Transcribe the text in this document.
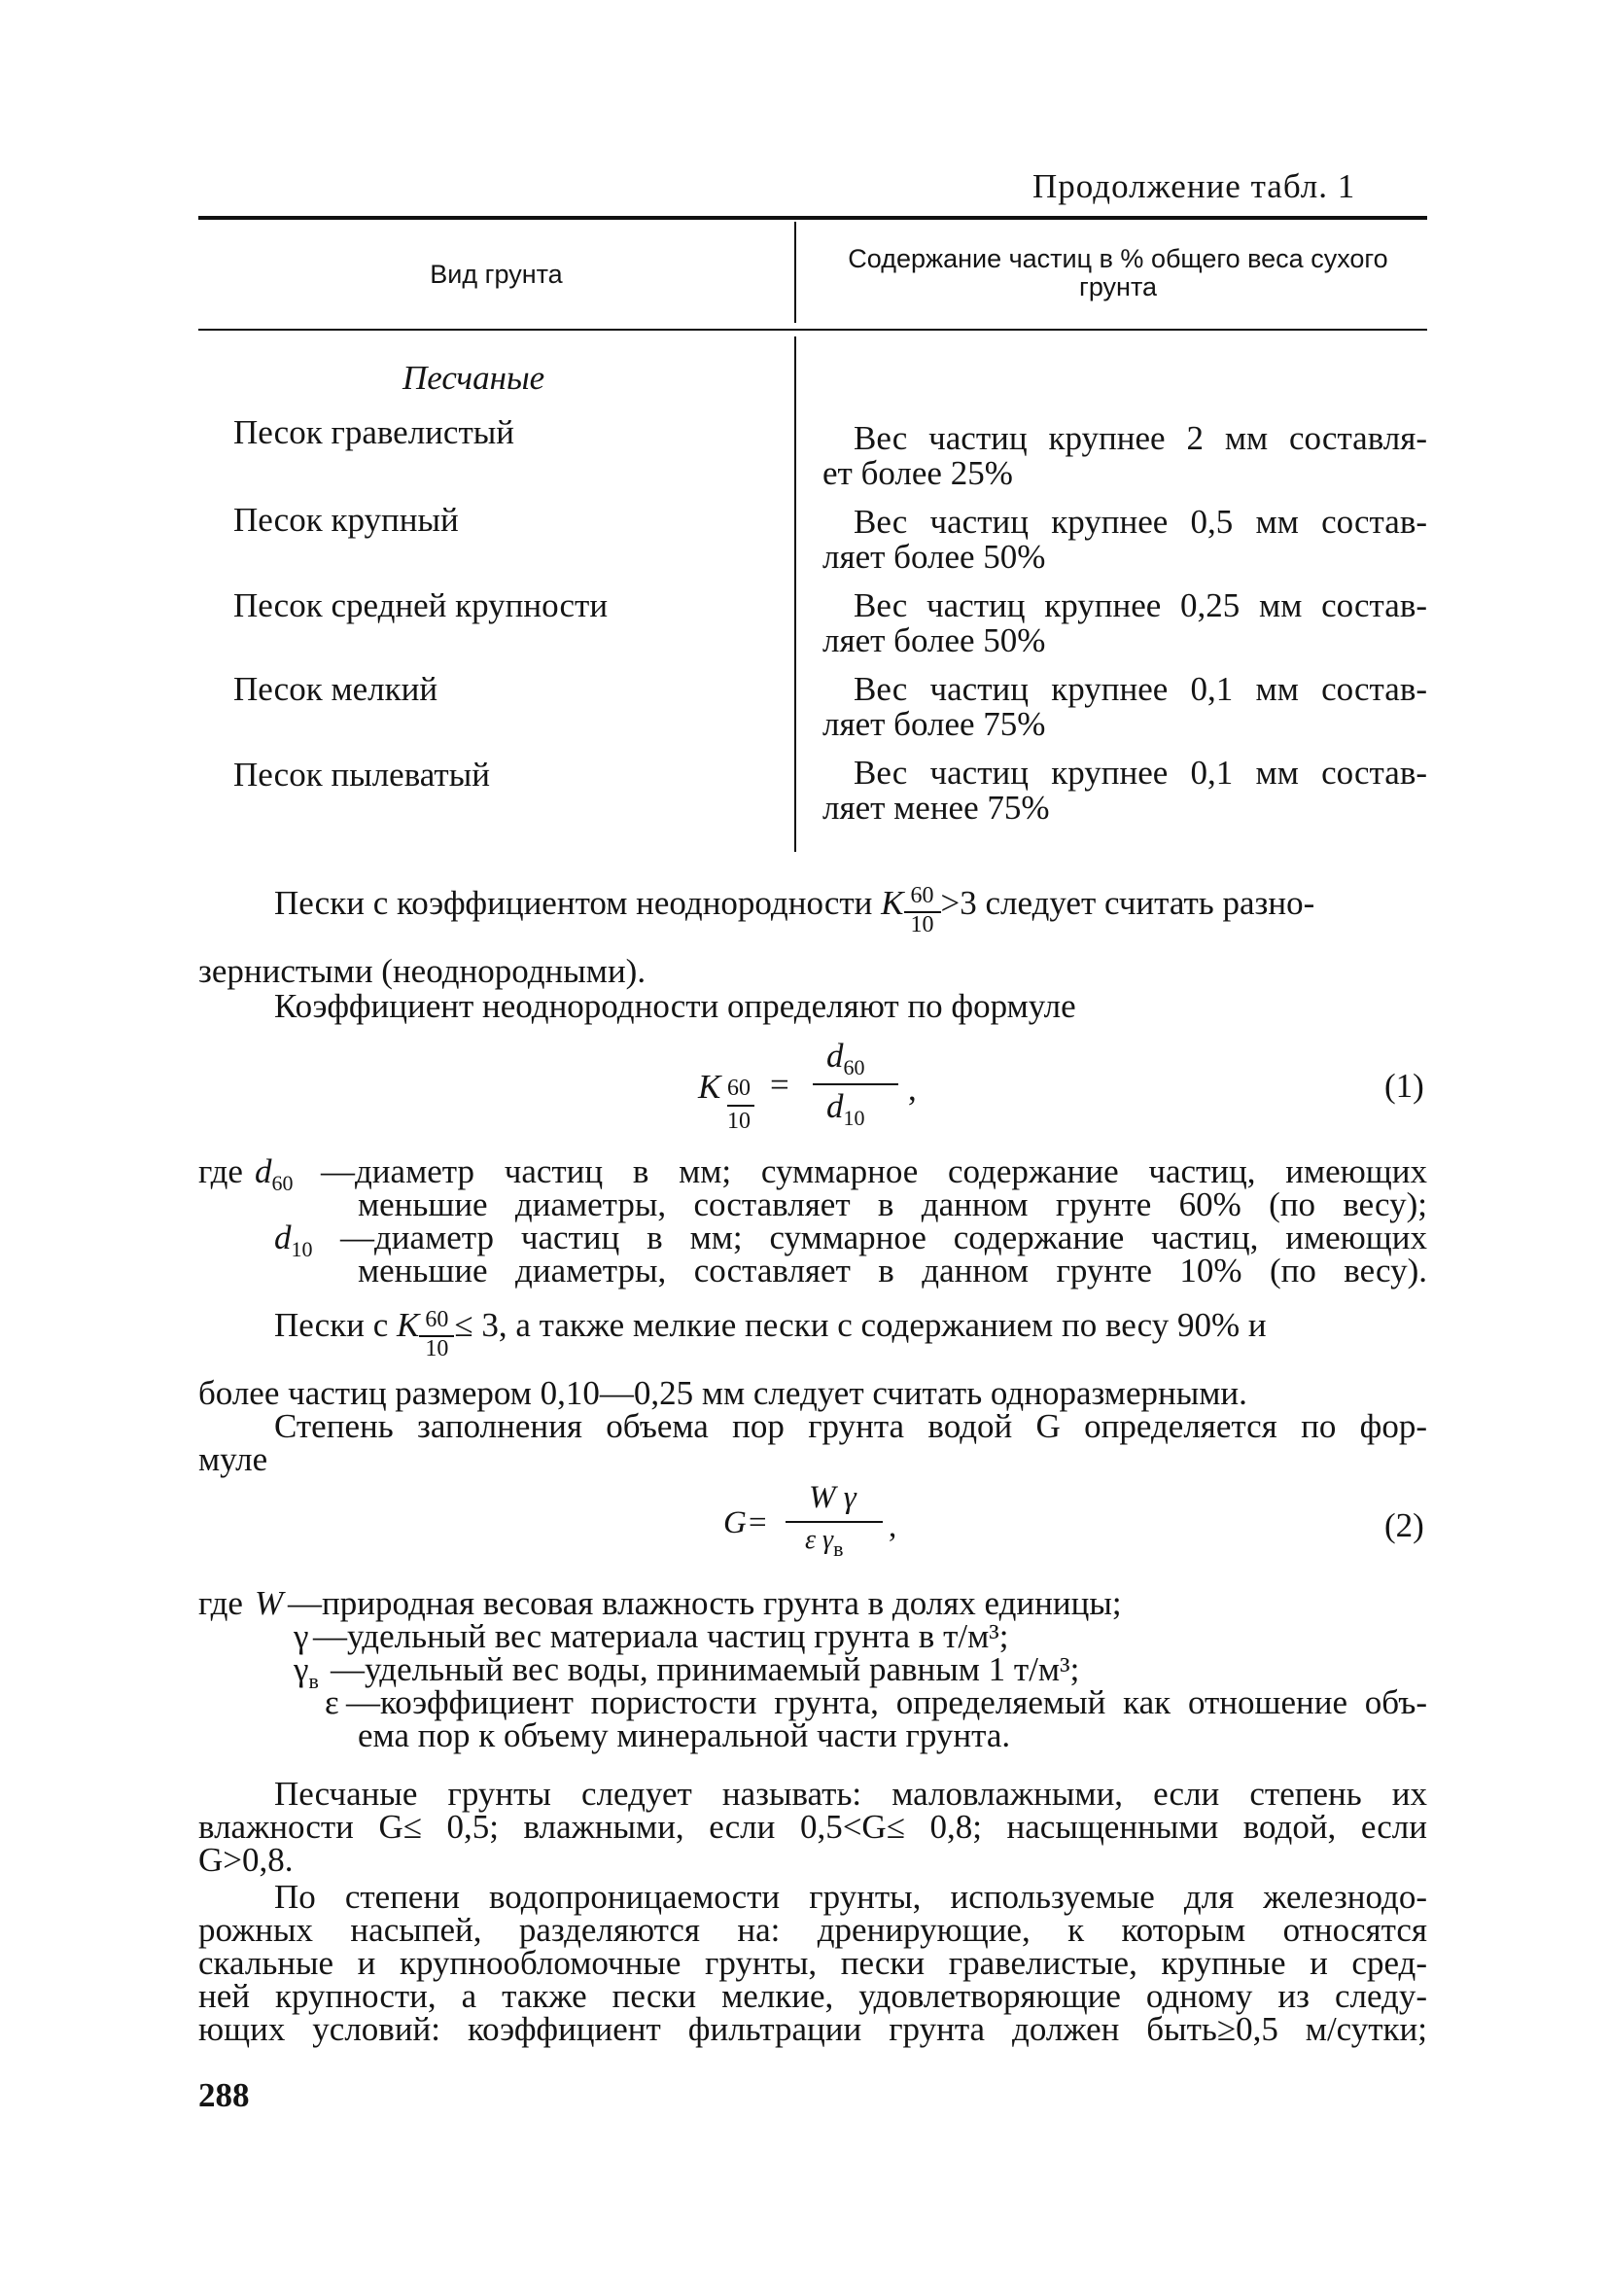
Продолжение табл. 1
Вид грунта
Содержание частиц в % общего веса сухого грунта
Песчаные
Песок гравелистый
Песок крупный
Песок средней крупности
Песок мелкий
Песок пылеватый
Вес частиц крупнее 2 мм составля-
ет более 25%
Вес частиц крупнее 0,5 мм состав-
ляет более 50%
Вес частиц крупнее 0,25 мм состав-
ляет более 50%
Вес частиц крупнее 0,1 мм состав-
ляет более 75%
Вес частиц крупнее 0,1 мм состав-
ляет менее 75%
Пески с коэффициентом неоднородности K $\frac{60}{10} >3$ следует считать разно-
зернистыми (неоднородными).
Коэффициент неоднородности определяют по формуле
K 60
10
=
$d_{60}$
$d_{10}$
,	(1)
где $d_{60}$ —диаметр частиц в мм; суммарное содержание частиц, имеющих
меньшие диаметры, составляет в данном грунте 60% (по весу);
$d_{10}$ —диаметр частиц в мм; суммарное содержание частиц, имеющих
меньшие диаметры, составляет в данном грунте 10% (по весу).
Пески с K $\frac{60}{10} \le 3$, а также мелкие пески с содержанием по весу 90% и
более частиц размером 0,10—0,25 мм следует считать одноразмерными.
Степень заполнения объема пор грунта водой G определяется по фор-
муле
G=
W γ
ε $\gamma_в$
,	(2)
где W —природная весовая влажность грунта в долях единицы;
γ —удельный вес материала частиц грунта в т/м³;
$\gamma_в$ —удельный вес воды, принимаемый равным 1 т/м³;
ε —коэффициент пористости грунта, определяемый как отношение объ-
ема пор к объему минеральной части грунта.
Песчаные грунты следует называть: маловлажными, если степень их
влажности G≤ 0,5; влажными, если 0,5<G≤ 0,8; насыщенными водой, если
G>0,8.
По степени водопроницаемости грунты, используемые для железнодо-
рожных насыпей, разделяются на: дренирующие, к которым относятся
скальные и крупнообломочные грунты, пески гравелистые, крупные и сред-
ней крупности, а также пески мелкие, удовлетворяющие одному из следу-
ющих условий: коэффициент фильтрации грунта должен быть≥0,5 м/сутки;
288
